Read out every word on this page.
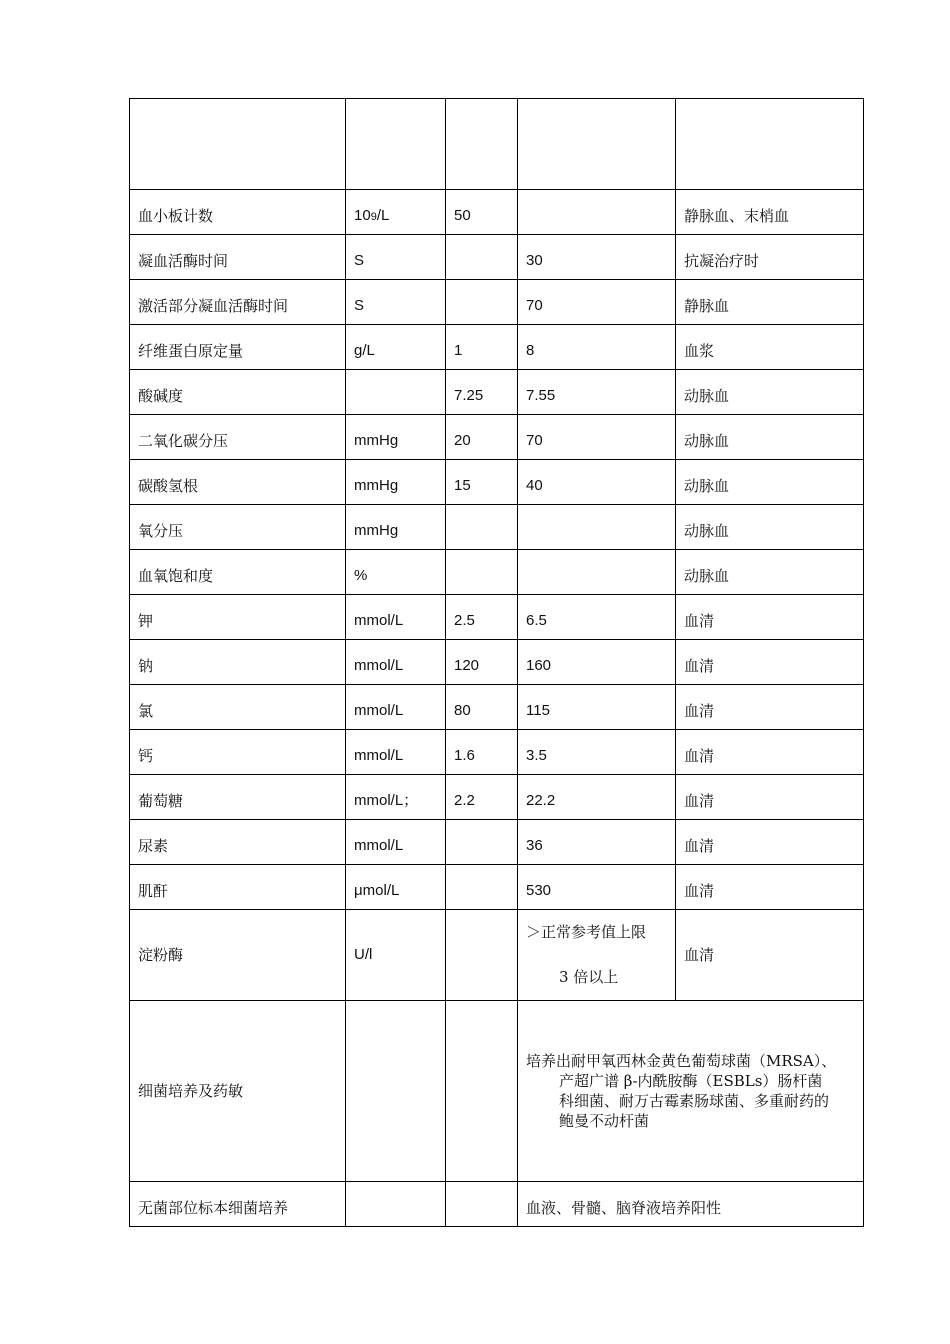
血小板计数	109/L	50		静脉血、末梢血
凝血活酶时间	S		30	抗凝治疗时
激活部分凝血活酶时间	S		70	静脉血
纤维蛋白原定量	g/L	1	8	血浆
酸碱度		7.25	7.55	动脉血
二氧化碳分压	mmHg	20	70	动脉血
碳酸氢根	mmHg	15	40	动脉血
氧分压	mmHg			动脉血
血氧饱和度	%			动脉血
钾	mmol/L	2.5	6.5	血清
钠	mmol/L	120	160	血清
氯	mmol/L	80	115	血清
钙	mmol/L	1.6	3.5	血清
葡萄糖	mmol/L；	2.2	22.2	血清
尿素	mmol/L		36	血清
肌酐	μmol/L		530	血清
淀粉酶	U/l		＞正常参考值上限
3 倍以上	血清
细菌培养及药敏			培养出耐甲氧西林金黄色葡萄球菌（MRSA）、
产超广谱 β-内酰胺酶（ESBLs）肠杆菌
科细菌、耐万古霉素肠球菌、多重耐药的
鲍曼不动杆菌	

无菌部位标本细菌培养			血液、骨髓、脑脊液培养阳性	
